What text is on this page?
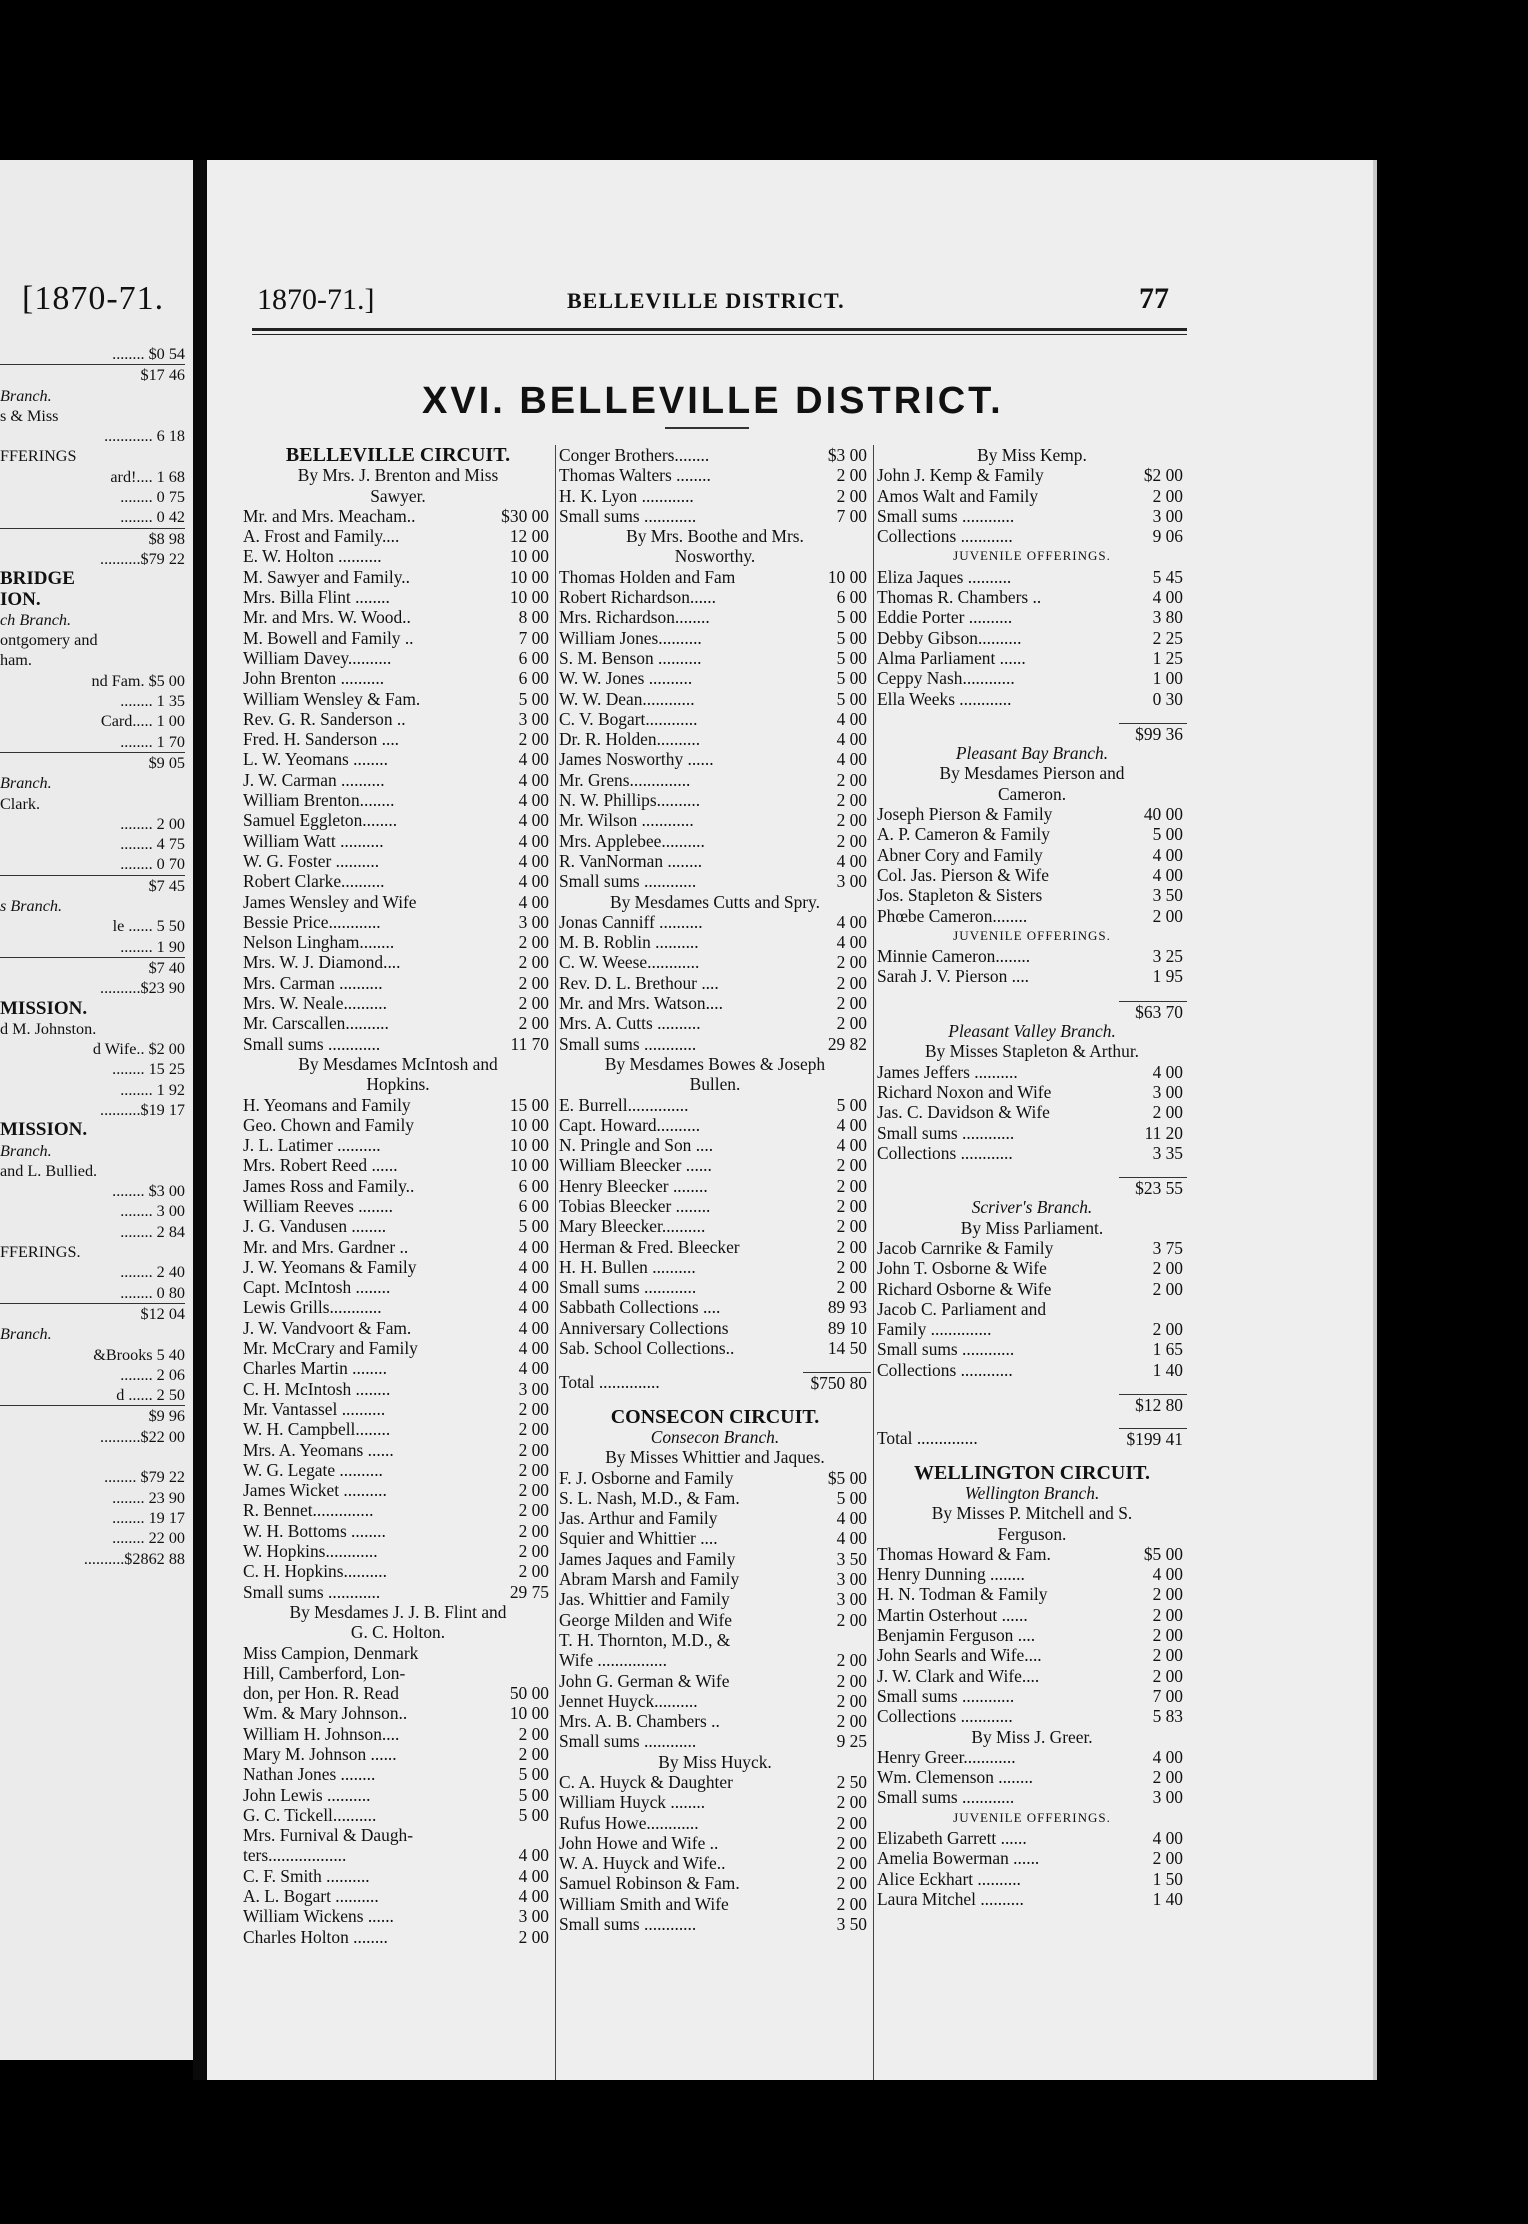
[1870-71.
........ $0 54
$17 46
Branch.
s & Miss
............ 6 18
FFERINGS
ard!.... 1 68
........ 0 75
........ 0 42
$8 98
..........$79 22
BRIDGE
ION.
ch Branch.
ontgomery and
ham.
nd Fam. $5 00
........ 1 35
Card..... 1 00
........ 1 70
$9 05
Branch.
Clark.
........ 2 00
........ 4 75
........ 0 70
$7 45
s Branch.
le ...... 5 50
........ 1 90
$7 40
..........$23 90
MISSION.
d M. Johnston.
d Wife.. $2 00
........ 15 25
........ 1 92
..........$19 17
MISSION.
Branch.
and L. Bullied.
........ $3 00
........ 3 00
........ 2 84
FFERINGS.
........ 2 40
........ 0 80
$12 04
Branch.
&Brooks 5 40
........ 2 06
d ...... 2 50
$9 96
..........$22 00
........ $79 22
........ 23 90
........ 19 17
........ 22 00
..........$2862 88
1870-71.]	BELLEVILLE DISTRICT.	77
XVI. BELLEVILLE DISTRICT.
BELLEVILLE CIRCUIT.
By Mrs. J. Brenton and Miss
Sawyer.
Mr. and Mrs. Meacham..	$30 00
A. Frost and Family....	12 00
E. W. Holton ..........	10 00
M. Sawyer and Family..	10 00
Mrs. Billa Flint ........	10 00
Mr. and Mrs. W. Wood..	8 00
M. Bowell and Family ..	7 00
William Davey..........	6 00
John Brenton ..........	6 00
William Wensley & Fam.	5 00
Rev. G. R. Sanderson ..	3 00
Fred. H. Sanderson ....	2 00
L. W. Yeomans ........	4 00
J. W. Carman ..........	4 00
William Brenton........	4 00
Samuel Eggleton........	4 00
William Watt ..........	4 00
W. G. Foster ..........	4 00
Robert Clarke..........	4 00
James Wensley and Wife	4 00
Bessie Price............	3 00
Nelson Lingham........	2 00
Mrs. W. J. Diamond....	2 00
Mrs. Carman ..........	2 00
Mrs. W. Neale..........	2 00
Mr. Carscallen..........	2 00
Small sums ............	11 70
By Mesdames McIntosh and
Hopkins.
H. Yeomans and Family	15 00
Geo. Chown and Family	10 00
J. L. Latimer ..........	10 00
Mrs. Robert Reed ......	10 00
James Ross and Family..	6 00
William Reeves ........	6 00
J. G. Vandusen ........	5 00
Mr. and Mrs. Gardner ..	4 00
J. W. Yeomans & Family	4 00
Capt. McIntosh ........	4 00
Lewis Grills............	4 00
J. W. Vandvoort & Fam.	4 00
Mr. McCrary and Family	4 00
Charles Martin ........	4 00
C. H. McIntosh ........	3 00
Mr. Vantassel ..........	2 00
W. H. Campbell........	2 00
Mrs. A. Yeomans ......	2 00
W. G. Legate ..........	2 00
James Wicket ..........	2 00
R. Bennet..............	2 00
W. H. Bottoms ........	2 00
W. Hopkins............	2 00
C. H. Hopkins..........	2 00
Small sums ............	29 75
By Mesdames J. J. B. Flint and
G. C. Holton.
Miss Campion, Denmark
Hill, Camberford, Lon-
don, per Hon. R. Read	50 00
Wm. & Mary Johnson..	10 00
William H. Johnson....	2 00
Mary M. Johnson ......	2 00
Nathan Jones ........	5 00
John Lewis ..........	5 00
G. C. Tickell..........	5 00
Mrs. Furnival & Daugh-
ters..................	4 00
C. F. Smith ..........	4 00
A. L. Bogart ..........	4 00
William Wickens ......	3 00
Charles Holton ........	2 00
Conger Brothers........	$3 00
Thomas Walters ........	2 00
H. K. Lyon ............	2 00
Small sums ............	7 00
By Mrs. Boothe and Mrs.
Nosworthy.
Thomas Holden and Fam	10 00
Robert Richardson......	6 00
Mrs. Richardson........	5 00
William Jones..........	5 00
S. M. Benson ..........	5 00
W. W. Jones ..........	5 00
W. W. Dean............	5 00
C. V. Bogart............	4 00
Dr. R. Holden..........	4 00
James Nosworthy ......	4 00
Mr. Grens..............	2 00
N. W. Phillips..........	2 00
Mr. Wilson ............	2 00
Mrs. Applebee..........	2 00
R. VanNorman ........	4 00
Small sums ............	3 00
By Mesdames Cutts and Spry.
Jonas Canniff ..........	4 00
M. B. Roblin ..........	4 00
C. W. Weese............	2 00
Rev. D. L. Brethour ....	2 00
Mr. and Mrs. Watson....	2 00
Mrs. A. Cutts ..........	2 00
Small sums ............	29 82
By Mesdames Bowes & Joseph
Bullen.
E. Burrell..............	5 00
Capt. Howard..........	4 00
N. Pringle and Son ....	4 00
William Bleecker ......	2 00
Henry Bleecker ........	2 00
Tobias Bleecker ........	2 00
Mary Bleecker..........	2 00
Herman & Fred. Bleecker	2 00
H. H. Bullen ..........	2 00
Small sums ............	2 00
Sabbath Collections ....	89 93
Anniversary Collections	89 10
Sab. School Collections..	14 50
Total ..............	$750 80
CONSECON CIRCUIT.
Consecon Branch.
By Misses Whittier and Jaques.
F. J. Osborne and Family	$5 00
S. L. Nash, M.D., & Fam.	5 00
Jas. Arthur and Family	4 00
Squier and Whittier ....	4 00
James Jaques and Family	3 50
Abram Marsh and Family	3 00
Jas. Whittier and Family	3 00
George Milden and Wife	2 00
T. H. Thornton, M.D., &
Wife ................	2 00
John G. German & Wife	2 00
Jennet Huyck..........	2 00
Mrs. A. B. Chambers ..	2 00
Small sums ............	9 25
By Miss Huyck.
C. A. Huyck & Daughter	2 50
William Huyck ........	2 00
Rufus Howe............	2 00
John Howe and Wife ..	2 00
W. A. Huyck and Wife..	2 00
Samuel Robinson & Fam.	2 00
William Smith and Wife	2 00
Small sums ............	3 50
By Miss Kemp.
John J. Kemp & Family	$2 00
Amos Walt and Family	2 00
Small sums ............	3 00
Collections ............	9 06
JUVENILE OFFERINGS.
Eliza Jaques ..........	5 45
Thomas R. Chambers ..	4 00
Eddie Porter ..........	3 80
Debby Gibson..........	2 25
Alma Parliament ......	1 25
Ceppy Nash............	1 00
Ella Weeks ............	0 30
$99 36
Pleasant Bay Branch.
By Mesdames Pierson and
Cameron.
Joseph Pierson & Family	40 00
A. P. Cameron & Family	5 00
Abner Cory and Family	4 00
Col. Jas. Pierson & Wife	4 00
Jos. Stapleton & Sisters	3 50
Phœbe Cameron........	2 00
JUVENILE OFFERINGS.
Minnie Cameron........	3 25
Sarah J. V. Pierson ....	1 95
$63 70
Pleasant Valley Branch.
By Misses Stapleton & Arthur.
James Jeffers ..........	4 00
Richard Noxon and Wife	3 00
Jas. C. Davidson & Wife	2 00
Small sums ............	11 20
Collections ............	3 35
$23 55
Scriver's Branch.
By Miss Parliament.
Jacob Carnrike & Family	3 75
John T. Osborne & Wife	2 00
Richard Osborne & Wife	2 00
Jacob C. Parliament and
Family ..............	2 00
Small sums ............	1 65
Collections ............	1 40
$12 80
Total ..............	$199 41
WELLINGTON CIRCUIT.
Wellington Branch.
By Misses P. Mitchell and S.
Ferguson.
Thomas Howard & Fam.	$5 00
Henry Dunning ........	4 00
H. N. Todman & Family	2 00
Martin Osterhout ......	2 00
Benjamin Ferguson ....	2 00
John Searls and Wife....	2 00
J. W. Clark and Wife....	2 00
Small sums ............	7 00
Collections ............	5 83
By Miss J. Greer.
Henry Greer............	4 00
Wm. Clemenson ........	2 00
Small sums ............	3 00
JUVENILE OFFERINGS.
Elizabeth Garrett ......	4 00
Amelia Bowerman ......	2 00
Alice Eckhart ..........	1 50
Laura Mitchel ..........	1 40
